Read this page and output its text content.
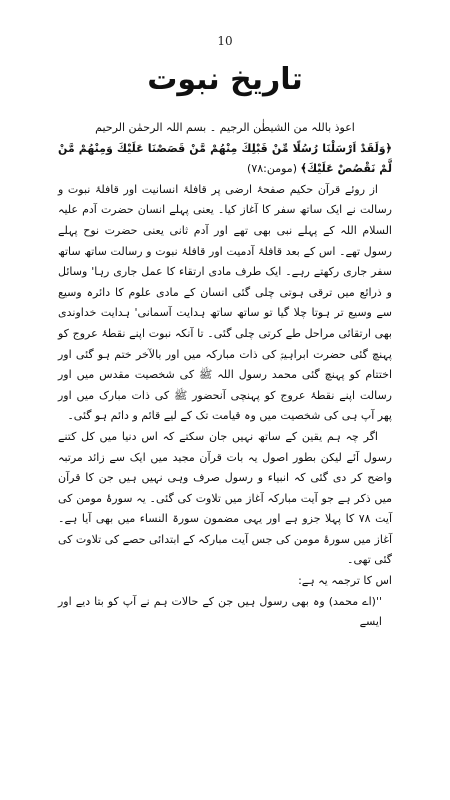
10
تاریخ نبوت

اعوذ باللہ من الشیطٰن الرجیم ۔ بسم اللہ الرحمٰن الرحیم

﴿وَلَقَدْ اَرْسَلْنَا رُسُلًا مِّنْ قَبْلِكَ مِنْهُمْ مَّنْ قَصَصْنَا عَلَيْكَ وَمِنْهُمْ مَّنْ لَّمْ نَقْصُصْ عَلَيْكَ﴾ (مومن:۷۸)

از روئے قرآن حکیم صفحۂ ارضی پر قافلۂ انسانیت اور قافلۂ نبوت و رسالت نے ایک ساتھ سفر کا آغاز کیا۔ یعنی پہلے انسان حضرت آدم علیہ السلام اللہ کے پہلے نبی بھی تھے اور آدم ثانی یعنی حضرت نوح پہلے رسول تھے۔ اس کے بعد قافلۂ آدمیت اور قافلۂ نبوت و رسالت ساتھ ساتھ سفر جاری رکھتے رہے۔ ایک طرف مادی ارتقاء کا عمل جاری رہا' وسائل و ذرائع میں ترقی ہوتی چلی گئی انسان کے مادی علوم کا دائرہ وسیع سے وسیع تر ہوتا چلا گیا تو ساتھ ساتھ ہدایت آسمانی' ہدایت خداوندی بھی ارتقائی مراحل طے کرتی چلی گئی۔ تا آنکہ نبوت اپنے نقطۂ عروج کو پہنچ گئی حضرت ابراہیمؑ کی ذات مبارکہ میں اور بالآخر ختم ہو گئی اور اختتام کو پہنچ گئی محمد رسول اللہ ﷺ کی شخصیت مقدس میں اور رسالت اپنے نقطۂ عروج کو پہنچی آنحضور ﷺ کی ذات مبارک میں اور پھر آپ ہی کی شخصیت میں وہ قیامت تک کے لیے قائم و دائم ہو گئی۔

اگر چہ ہم یقین کے ساتھ نہیں جان سکتے کہ اس دنیا میں کل کتنے رسول آئے لیکن بطور اصول یہ بات قرآن مجید میں ایک سے زائد مرتبہ واضح کر دی گئی کہ انبیاء و رسول صرف وہی نہیں ہیں جن کا قرآن میں ذکر ہے جو آیت مبارکہ آغاز میں تلاوت کی گئی۔ یہ سورۂ مومن کی آیت ۷۸ کا پہلا جزو ہے اور یہی مضمون سورۃ النساء میں بھی آیا ہے۔ آغاز میں سورۂ مومن کی جس آیت مبارکہ کے ابتدائی حصے کی تلاوت کی گئی تھی۔

اس کا ترجمہ یہ ہے:

''(اے محمد) وہ بھی رسول ہیں جن کے حالات ہم نے آپ کو بتا دیے اور ایسے
